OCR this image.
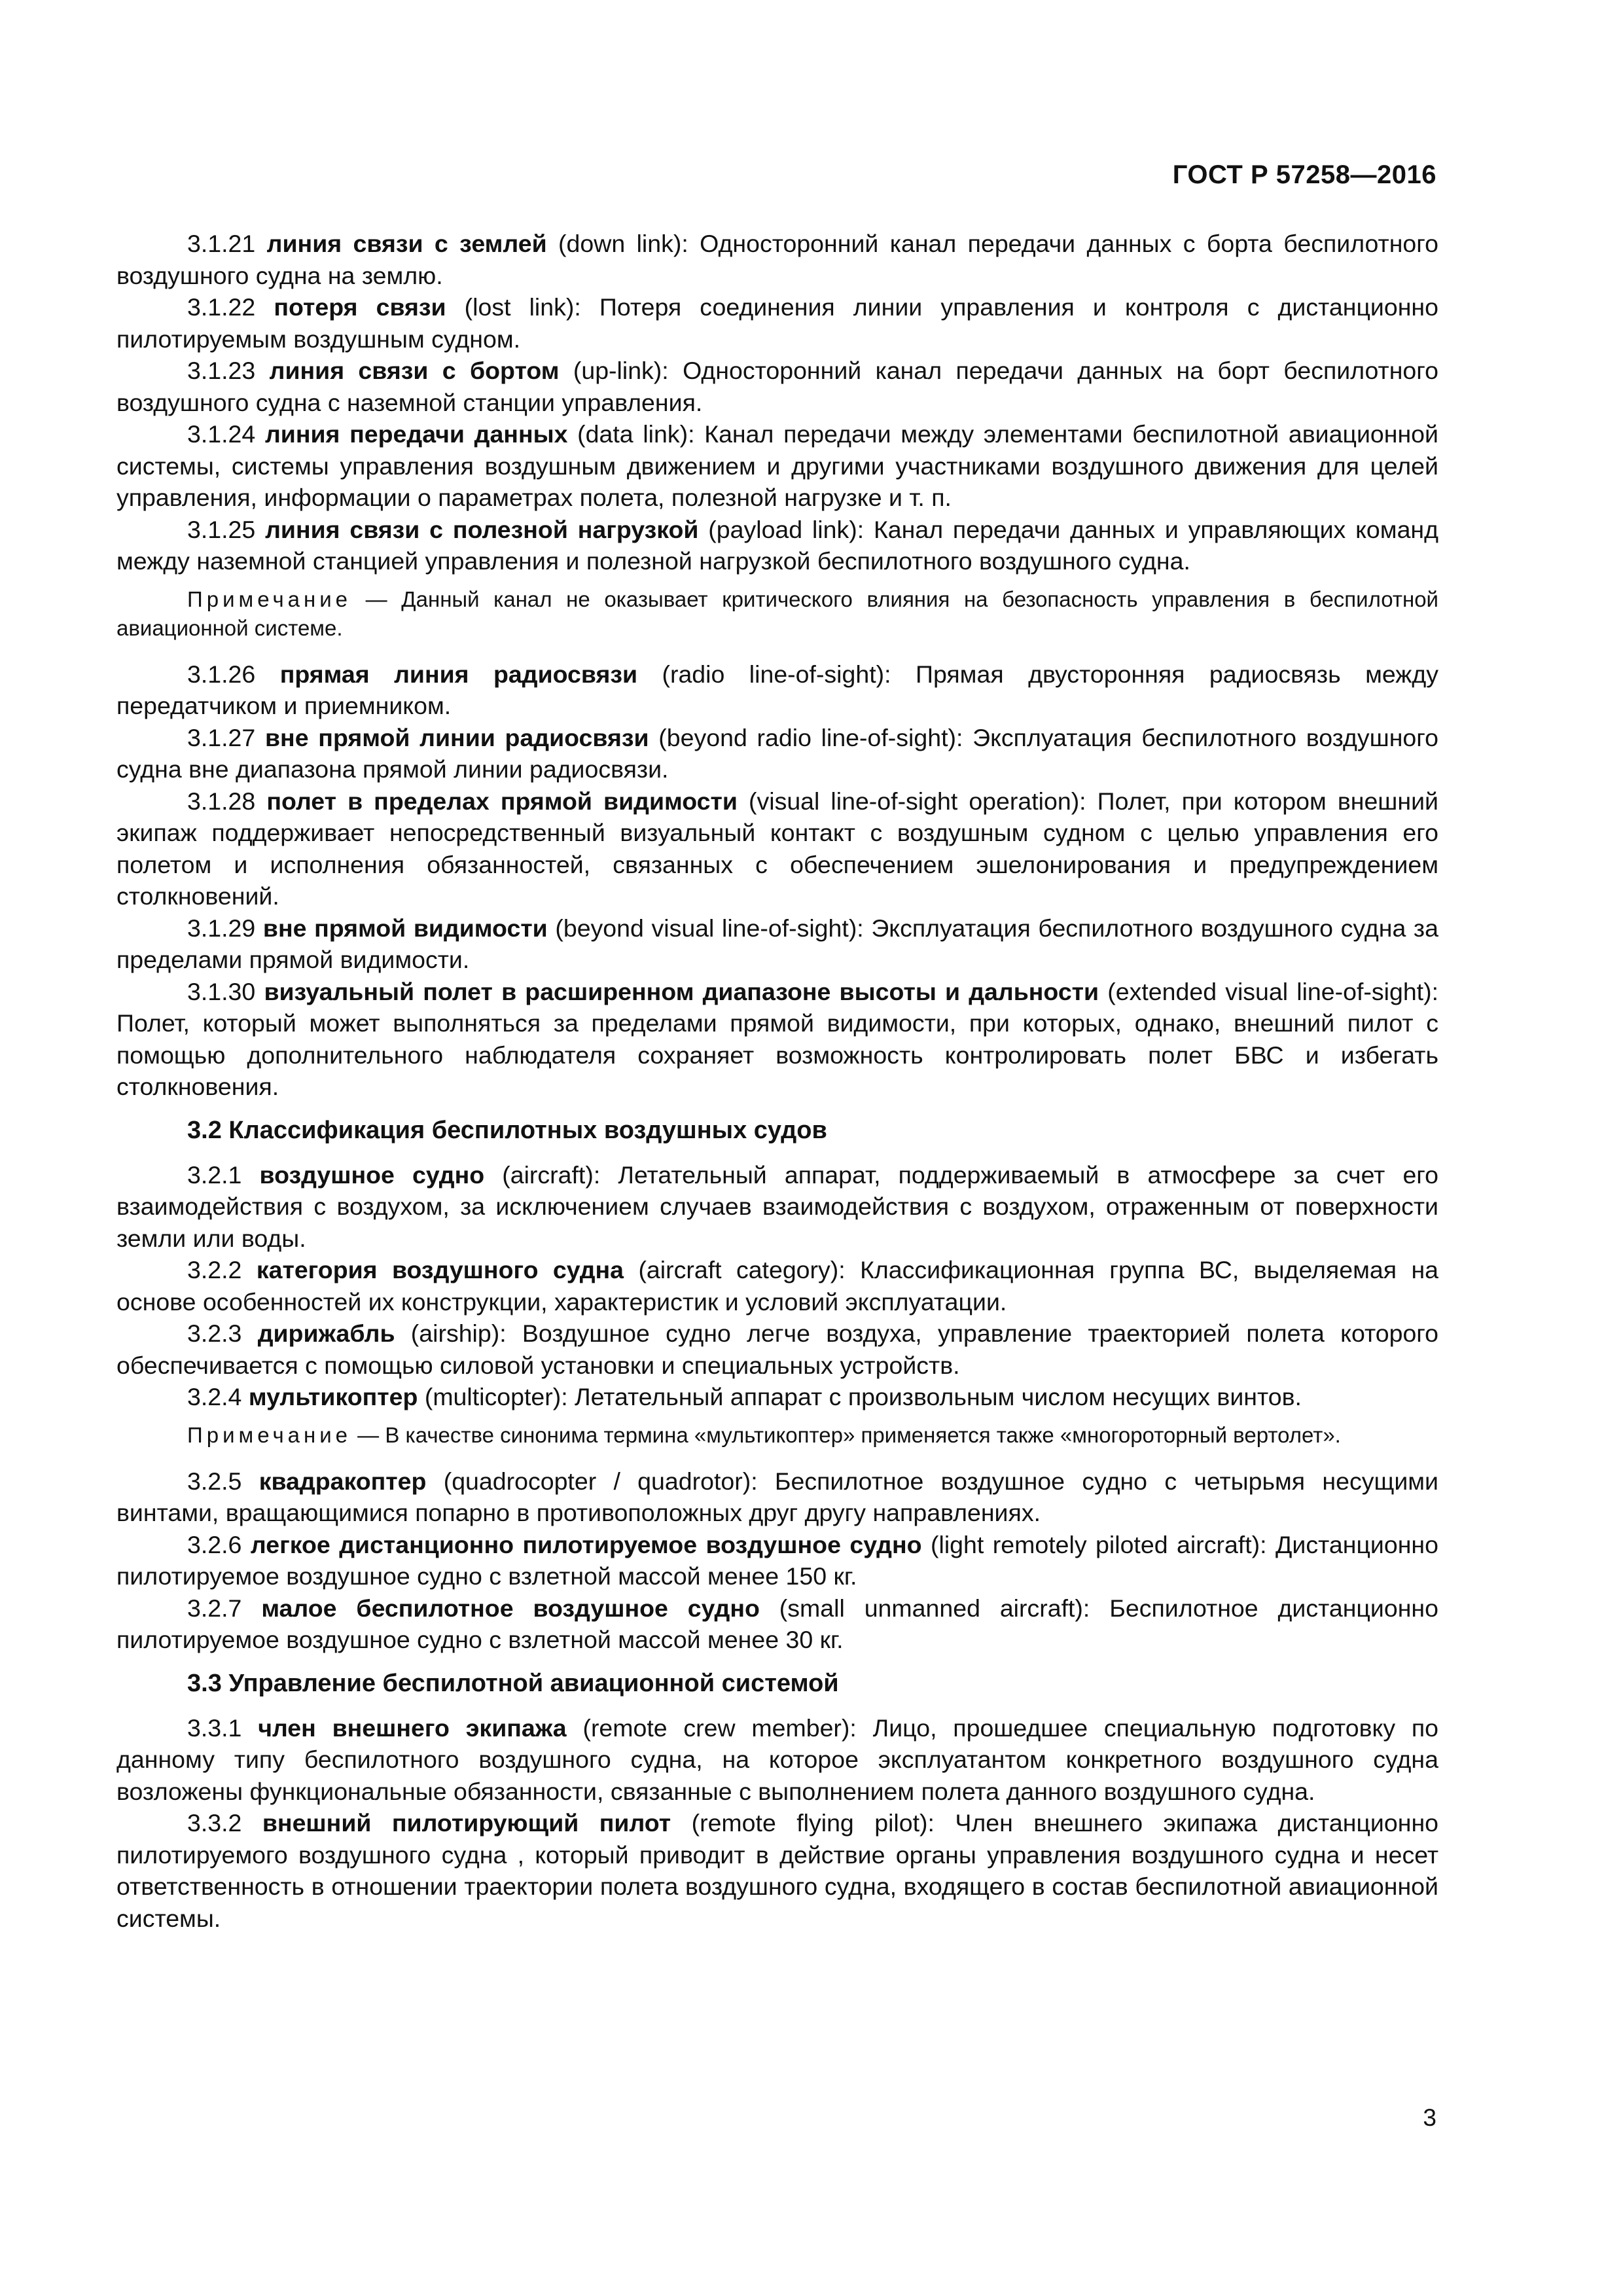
ГОСТ Р 57258—2016

3.1.21 линия связи с землей (down link): Односторонний канал передачи данных с борта беспилотного воздушного судна на землю.

3.1.22 потеря связи (lost link): Потеря соединения линии управления и контроля с дистанционно пилотируемым воздушным судном.

3.1.23 линия связи с бортом (up-link): Односторонний канал передачи данных на борт беспилотного воздушного судна с наземной станции управления.

3.1.24 линия передачи данных (data link): Канал передачи между элементами беспилотной авиационной системы, системы управления воздушным движением и другими участниками воздушного движения для целей управления, информации о параметрах полета, полезной нагрузке и т. п.

3.1.25 линия связи с полезной нагрузкой (payload link): Канал передачи данных и управляющих команд между наземной станцией управления и полезной нагрузкой беспилотного воздушного судна.

Примечание — Данный канал не оказывает критического влияния на безопасность управления в беспилотной авиационной системе.

3.1.26 прямая линия радиосвязи (radio line-of-sight): Прямая двусторонняя радиосвязь между передатчиком и приемником.

3.1.27 вне прямой линии радиосвязи (beyond radio line-of-sight): Эксплуатация беспилотного воздушного судна вне диапазона прямой линии радиосвязи.

3.1.28 полет в пределах прямой видимости (visual line-of-sight operation): Полет, при котором внешний экипаж поддерживает непосредственный визуальный контакт с воздушным судном с целью управления его полетом и исполнения обязанностей, связанных с обеспечением эшелонирования и предупреждением столкновений.

3.1.29 вне прямой видимости (beyond visual line-of-sight): Эксплуатация беспилотного воздушного судна за пределами прямой видимости.

3.1.30 визуальный полет в расширенном диапазоне высоты и дальности (extended visual line-of-sight): Полет, который может выполняться за пределами прямой видимости, при которых, однако, внешний пилот с помощью дополнительного наблюдателя сохраняет возможность контролировать полет БВС и избегать столкновения.

3.2 Классификация беспилотных воздушных судов

3.2.1 воздушное судно (aircraft): Летательный аппарат, поддерживаемый в атмосфере за счет его взаимодействия с воздухом, за исключением случаев взаимодействия с воздухом, отраженным от поверхности земли или воды.

3.2.2 категория воздушного судна (aircraft category): Классификационная группа ВС, выделяемая на основе особенностей их конструкции, характеристик и условий эксплуатации.

3.2.3 дирижабль (airship): Воздушное судно легче воздуха, управление траекторией полета которого обеспечивается с помощью силовой установки и специальных устройств.

3.2.4 мультикоптер (multicopter): Летательный аппарат с произвольным числом несущих винтов.

Примечание — В качестве синонима термина «мультикоптер» применяется также «многороторный вертолет».

3.2.5 квадракоптер (quadrocopter / quadrotor): Беспилотное воздушное судно с четырьмя несущими винтами, вращающимися попарно в противоположных друг другу направлениях.

3.2.6 легкое дистанционно пилотируемое воздушное судно (light remotely piloted aircraft): Дистанционно пилотируемое воздушное судно с взлетной массой менее 150 кг.

3.2.7 малое беспилотное воздушное судно (small unmanned aircraft): Беспилотное дистанционно пилотируемое воздушное судно с взлетной массой менее 30 кг.

3.3 Управление беспилотной авиационной системой

3.3.1 член внешнего экипажа (remote crew member): Лицо, прошедшее специальную подготовку по данному типу беспилотного воздушного судна, на которое эксплуатантом конкретного воздушного судна возложены функциональные обязанности, связанные с выполнением полета данного воздушного судна.

3.3.2 внешний пилотирующий пилот (remote flying pilot): Член внешнего экипажа дистанционно пилотируемого воздушного судна , который приводит в действие органы управления воздушного судна и несет ответственность в отношении траектории полета воздушного судна, входящего в состав беспилотной авиационной системы.

3
